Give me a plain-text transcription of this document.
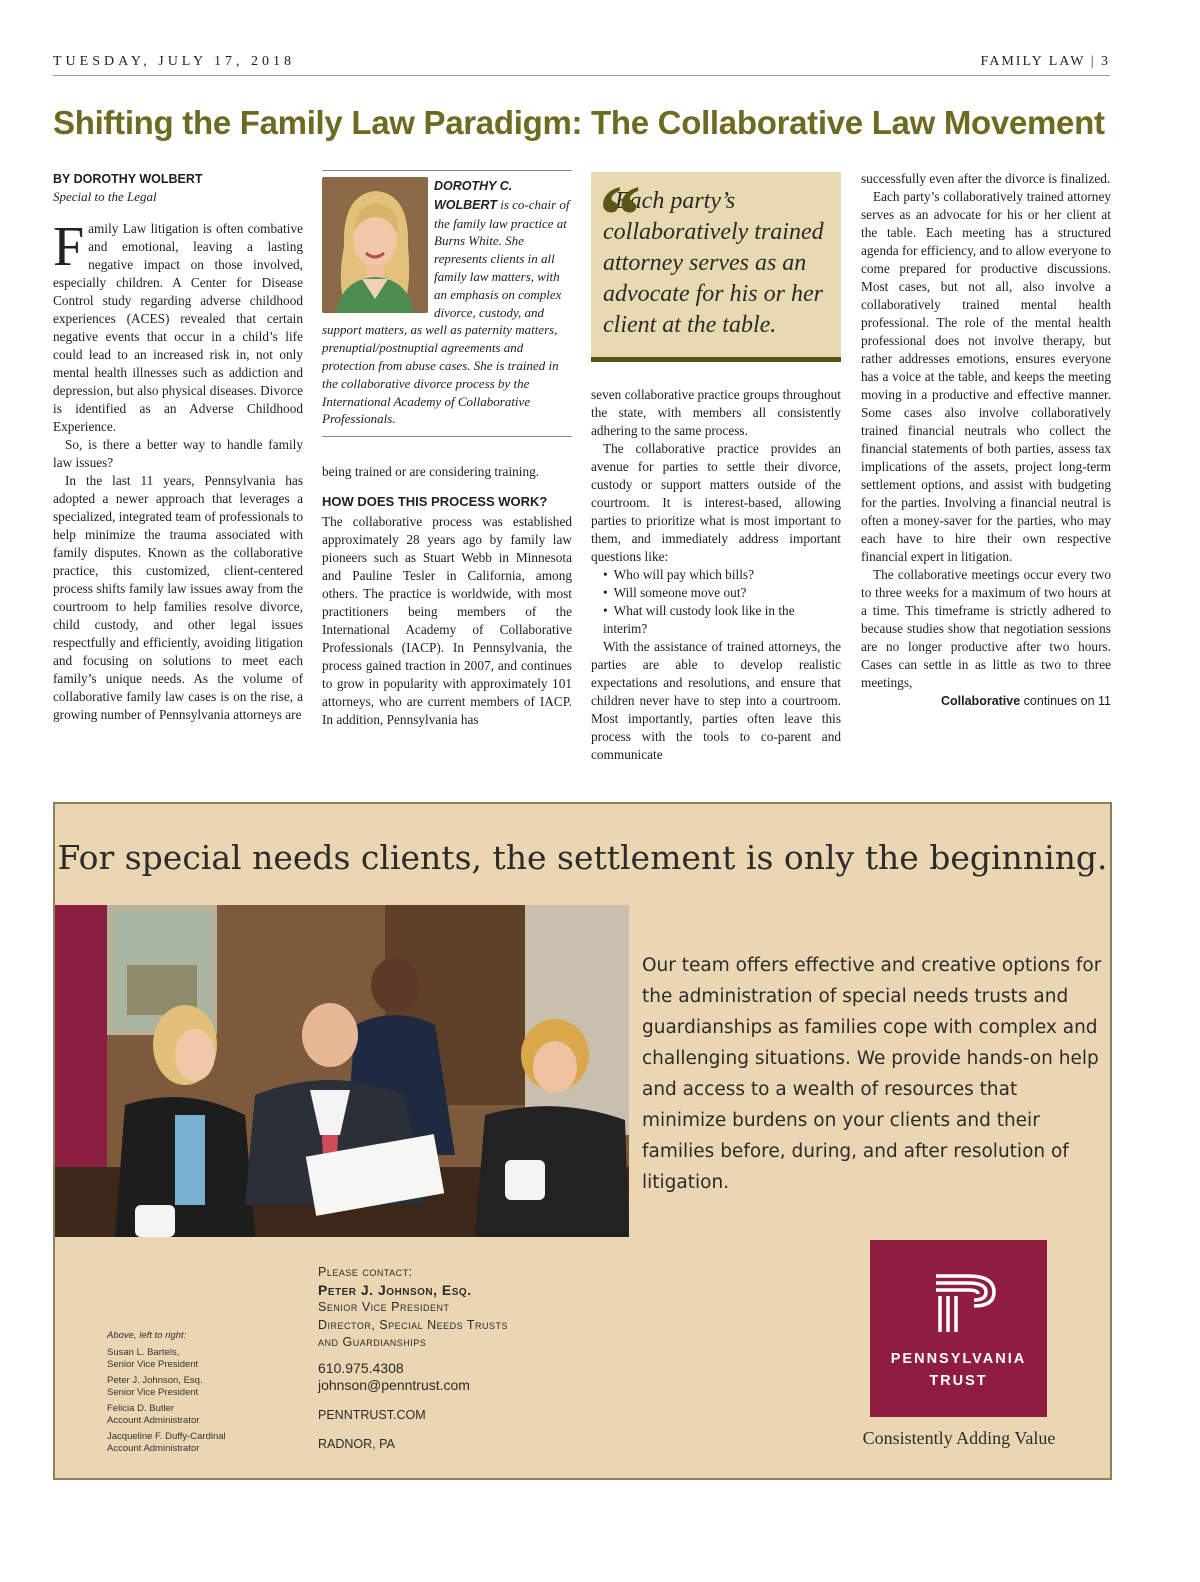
TUESDAY, JULY 17, 2018	FAMILY LAW | 3
Shifting the Family Law Paradigm: The Collaborative Law Movement
BY DOROTHY WOLBERT
Special to the Legal

Family Law litigation is often combative and emotional, leaving a lasting negative impact on those involved, especially children. A Center for Disease Control study regarding adverse childhood experiences (ACES) revealed that certain negative events that occur in a child’s life could lead to an increased risk in, not only mental health illnesses such as addiction and depression, but also physical diseases. Divorce is identified as an Adverse Childhood Experience.

So, is there a better way to handle family law issues?

In the last 11 years, Pennsylvania has adopted a newer approach that leverages a specialized, integrated team of professionals to help minimize the trauma associated with family disputes. Known as the collaborative practice, this customized, client-centered process shifts family law issues away from the courtroom to help families resolve divorce, child custody, and other legal issues respectfully and efficiently, avoiding litigation and focusing on solutions to meet each family’s unique needs. As the volume of collaborative family law cases is on the rise, a growing number of Pennsylvania attorneys are

DOROTHY C. WOLBERT is co-chair of the family law practice at Burns White. She represents clients in all family law matters, with an emphasis on complex divorce, custody, and support matters, as well as paternity matters, prenuptial/postnuptial agreements and protection from abuse cases. She is trained in the collaborative divorce process by the International Academy of Collaborative Professionals.

being trained or are considering training.

HOW DOES THIS PROCESS WORK?

The collaborative process was established approximately 28 years ago by family law pioneers such as Stuart Webb in Minnesota and Pauline Tesler in California, among others. The practice is worldwide, with most practitioners being members of the International Academy of Collaborative Professionals (IACP). In Pennsylvania, the process gained traction in 2007, and continues to grow in popularity with approximately 101 attorneys, who are current members of IACP. In addition, Pennsylvania has

“

Each party’s collaboratively trained attorney serves as an advocate for his or her client at the table.

seven collaborative practice groups throughout the state, with members all consistently adhering to the same process.

The collaborative practice provides an avenue for parties to settle their divorce, custody or support matters outside of the courtroom. It is interest-based, allowing parties to prioritize what is most important to them, and immediately address important questions like:

• Who will pay which bills?
• Will someone move out?
• What will custody look like in the interim?

With the assistance of trained attorneys, the parties are able to develop realistic expectations and resolutions, and ensure that children never have to step into a courtroom. Most importantly, parties often leave this process with the tools to co-parent and communicate

successfully even after the divorce is finalized.

Each party’s collaboratively trained attorney serves as an advocate for his or her client at the table. Each meeting has a structured agenda for efficiency, and to allow everyone to come prepared for productive discussions. Most cases, but not all, also involve a collaboratively trained mental health professional. The role of the mental health professional does not involve therapy, but rather addresses emotions, ensures everyone has a voice at the table, and keeps the meeting moving in a productive and effective manner. Some cases also involve collaboratively trained financial neutrals who collect the financial statements of both parties, assess tax implications of the assets, project long-term settlement options, and assist with budgeting for the parties. Involving a financial neutral is often a money-saver for the parties, who may each have to hire their own respective financial expert in litigation.

The collaborative meetings occur every two to three weeks for a maximum of two hours at a time. This timeframe is strictly adhered to because studies show that negotiation sessions are no longer productive after two hours. Cases can settle in as little as two to three meetings,

Collaborative continues on 11
For special needs clients, the settlement is only the beginning.

Our team offers effective and creative options for the administration of special needs trusts and guardianships as families cope with complex and challenging situations. We provide hands-on help and access to a wealth of resources that minimize burdens on your clients and their families before, during, and after resolution of litigation.

Above, left to right:
Susan L. Bartels,
Senior Vice President
Peter J. Johnson, Esq.
Senior Vice President
Felicia D. Butler
Account Administrator
Jacqueline F. Duffy-Cardinal
Account Administrator
Please contact:
Peter J. Johnson, Esq.
Senior Vice President
Director, Special Needs Trusts
and Guardianships
610.975.4308
johnson@penntrust.com
PENNTRUST.COM
RADNOR, PA
PENNSYLVANIA
TRUST
Consistently Adding Value
